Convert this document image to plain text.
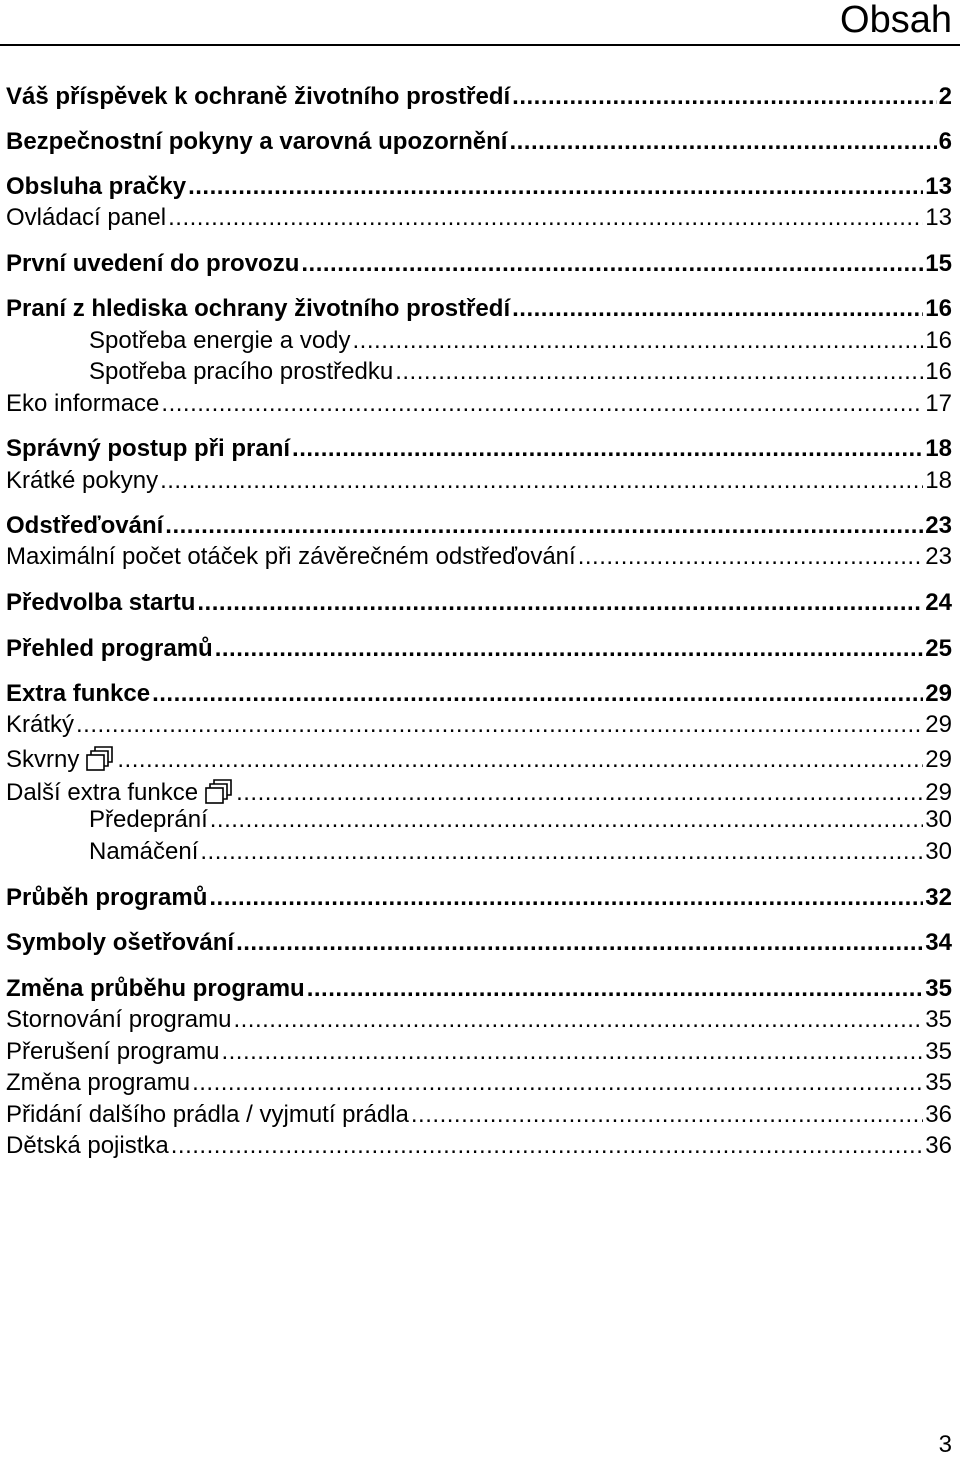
Obsah
Váš příspěvek k ochraně životního prostředí .....	2
Bezpečnostní pokyny a varovná upozornění .....	6
Obsluha pračky .....	13
Ovládací panel .....	13
První uvedení do provozu .....	15
Praní z hlediska ochrany životního prostředí .....	16
Spotřeba energie a vody .....	16
Spotřeba pracího prostředku .....	16
Eko informace .....	17
Správný postup při praní .....	18
Krátké pokyny .....	18
Odstřeďování .....	23
Maximální počet otáček při závěrečném odstřeďování .....	23
Předvolba startu .....	24
Přehled programů .....	25
Extra funkce .....	29
Krátký .....	29
Skvrny .....	29
Další extra funkce .....	29
Předeprání .....	30
Namáčení .....	30
Průběh programů .....	32
Symboly ošetřování .....	34
Změna průběhu programu .....	35
Stornování programu .....	35
Přerušení programu .....	35
Změna programu .....	35
Přidání dalšího prádla / vyjmutí prádla .....	36
Dětská pojistka .....	36
3
